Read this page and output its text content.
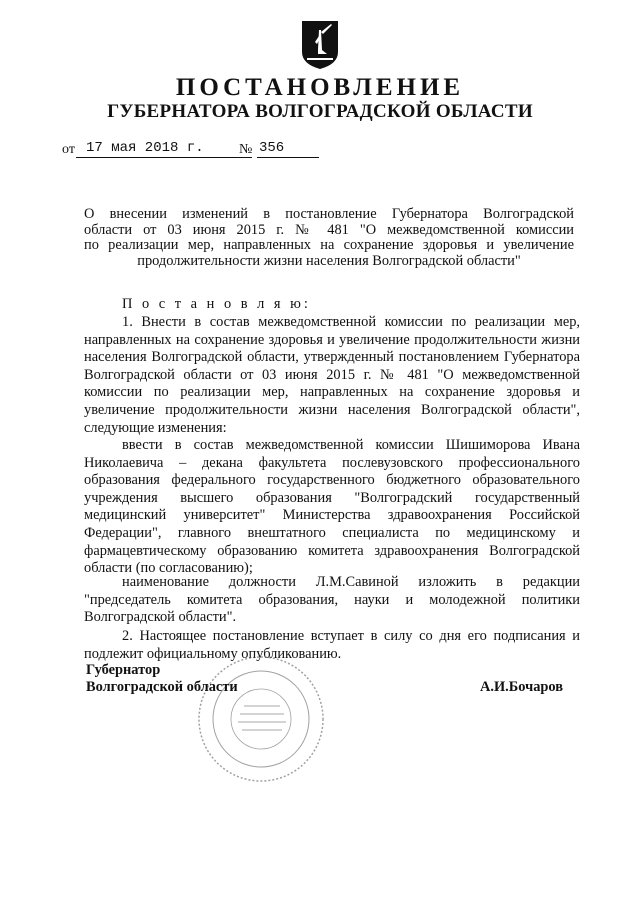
ПОСТАНОВЛЕНИЕ
ГУБЕРНАТОРА ВОЛГОГРАДСКОЙ ОБЛАСТИ
от 17 мая 2018 г.	№ 356
О внесении изменений в постановление Губернатора Волгоградской
области от 03 июня 2015 г. № 481 "О межведомственной комиссии
по реализации мер, направленных на сохранение здоровья и увеличение
продолжительности жизни населения Волгоградской области"
П о с т а н о в л я ю:
1. Внести в состав межведомственной комиссии по реализации мер, направленных на сохранение здоровья и увеличение продолжительности жизни населения Волгоградской области, утвержденный постановлением Губернатора Волгоградской области от 03 июня 2015 г. № 481 "О межведомственной комиссии по реализации мер, направленных на сохранение здоровья и увеличение продолжительности жизни населения Волгоградской области", следующие изменения:
ввести в состав межведомственной комиссии Шишиморова Ивана Николаевича – декана факультета послевузовского профессионального образования федерального государственного бюджетного образовательного учреждения высшего образования "Волгоградский государственный медицинский университет" Министерства здравоохранения Российской Федерации", главного внештатного специалиста по медицинскому и фармацевтическому образованию комитета здравоохранения Волгоградской области (по согласованию);
наименование должности Л.М.Савиной изложить в редакции "председатель комитета образования, науки и молодежной политики Волгоградской области".
2. Настоящее постановление вступает в силу со дня его подписания и подлежит официальному опубликованию.
Губернатор
Волгоградской области	А.И.Бочаров
